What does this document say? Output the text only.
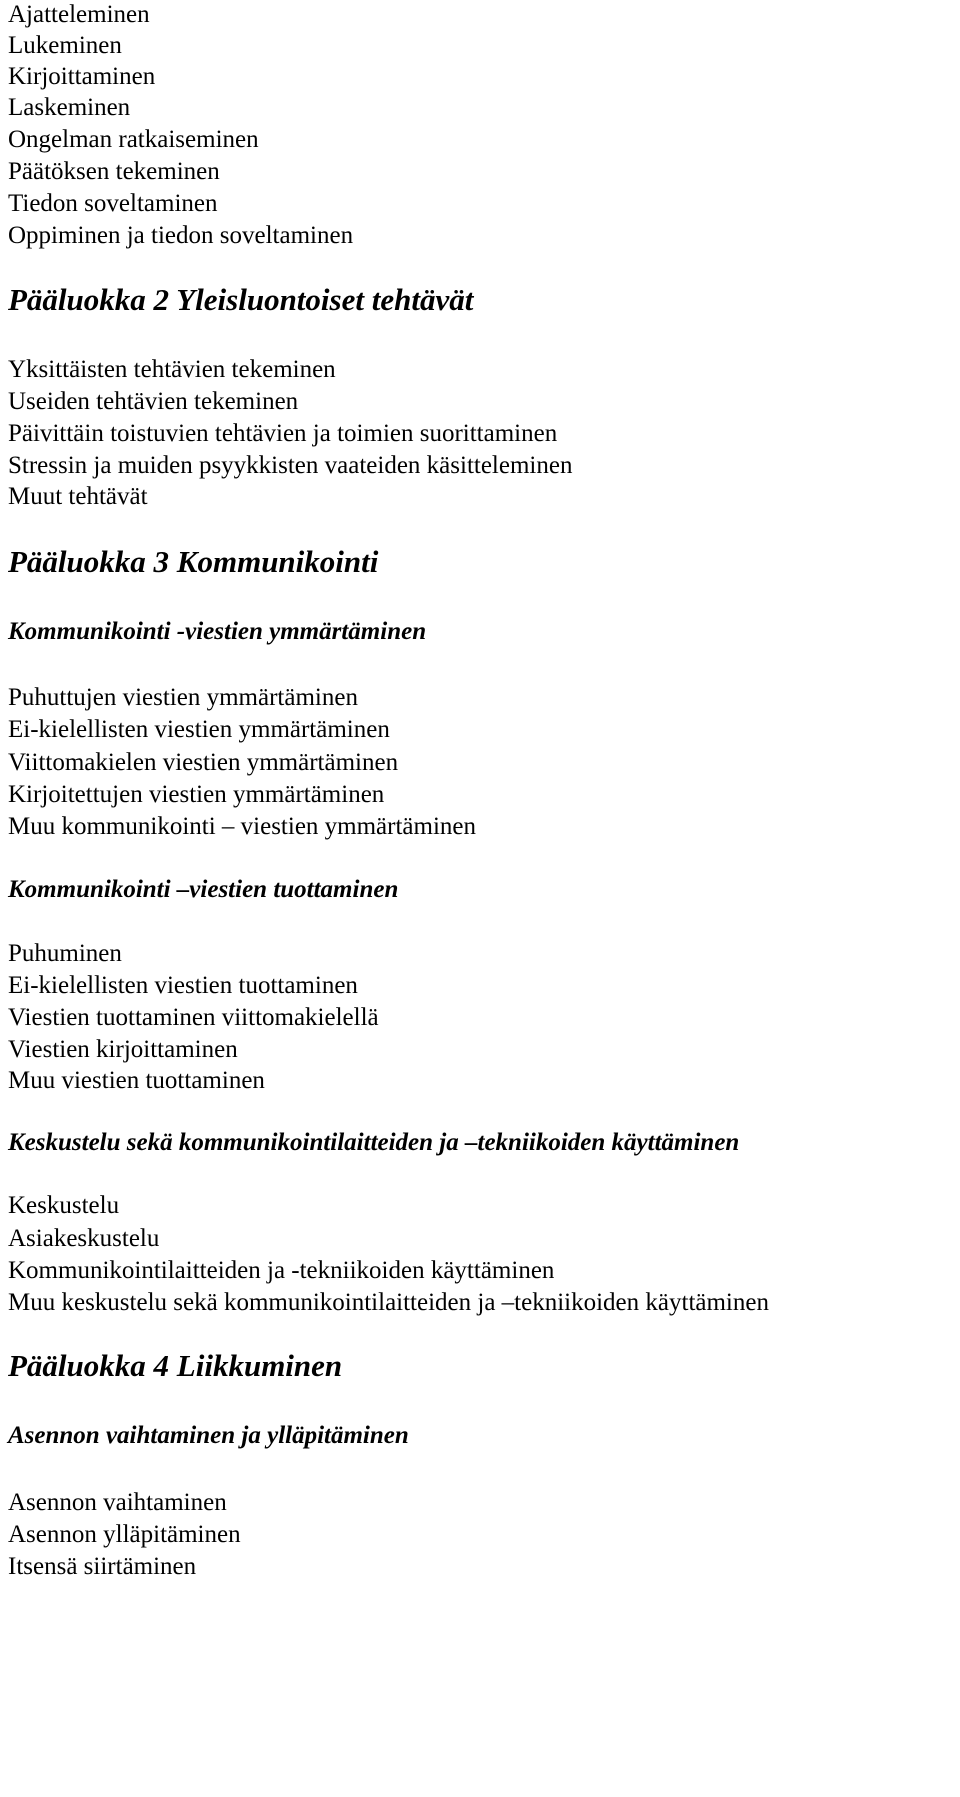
Ajatteleminen
Lukeminen
Kirjoittaminen
Laskeminen
Ongelman ratkaiseminen
Päätöksen tekeminen
Tiedon soveltaminen
Oppiminen ja tiedon soveltaminen
Pääluokka 2 Yleisluontoiset tehtävät
Yksittäisten tehtävien tekeminen
Useiden tehtävien tekeminen
Päivittäin toistuvien tehtävien ja toimien suorittaminen
Stressin ja muiden psyykkisten vaateiden käsitteleminen
Muut tehtävät
Pääluokka 3 Kommunikointi
Kommunikointi -viestien ymmärtäminen
Puhuttujen viestien ymmärtäminen
Ei-kielellisten viestien ymmärtäminen
Viittomakielen viestien ymmärtäminen
Kirjoitettujen viestien ymmärtäminen
Muu kommunikointi – viestien ymmärtäminen
Kommunikointi –viestien tuottaminen
Puhuminen
Ei-kielellisten viestien tuottaminen
Viestien tuottaminen viittomakielellä
Viestien kirjoittaminen
Muu viestien tuottaminen
Keskustelu sekä kommunikointilaitteiden ja –tekniikoiden käyttäminen
Keskustelu
Asiakeskustelu
Kommunikointilaitteiden ja -tekniikoiden käyttäminen
Muu keskustelu sekä kommunikointilaitteiden ja –tekniikoiden käyttäminen
Pääluokka 4 Liikkuminen
Asennon vaihtaminen ja ylläpitäminen
Asennon vaihtaminen
Asennon ylläpitäminen
Itsensä siirtäminen
